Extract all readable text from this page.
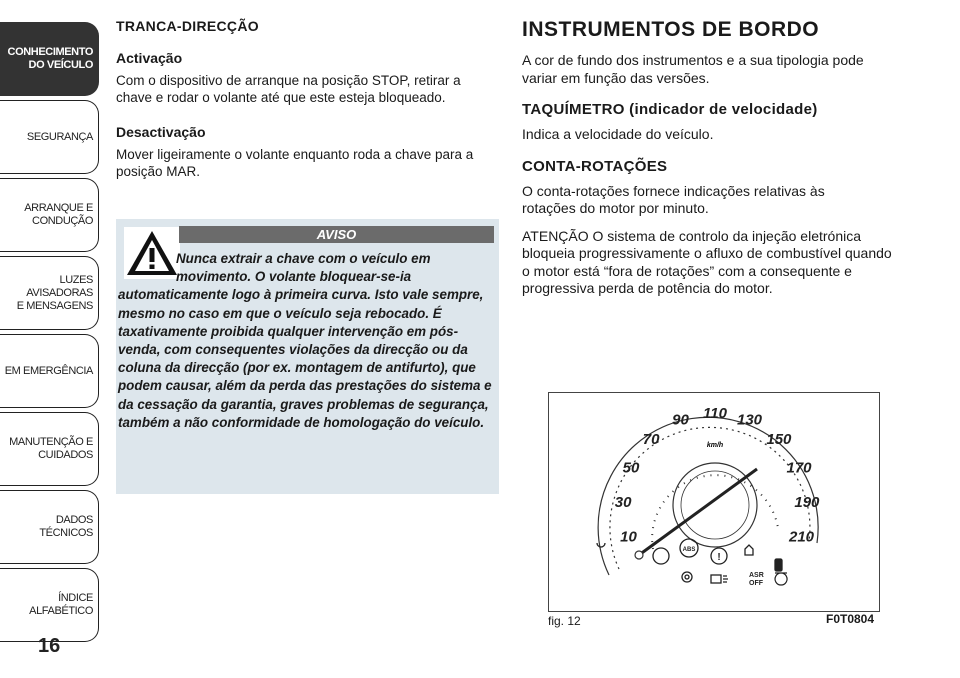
CONHECIMENTO
DO VEÍCULO
SEGURANÇA
ARRANQUE E
CONDUÇÃO
LUZES AVISADORAS
E MENSAGENS
EM EMERGÊNCIA
MANUTENÇÃO E
CUIDADOS
DADOS TÉCNICOS
ÍNDICE ALFABÉTICO
16
TRANCA-DIRECÇÃO
Activação

Com o dispositivo de arranque na posição STOP, retirar a chave e rodar o volante até que este esteja bloqueado.

Desactivação

Mover ligeiramente o volante enquanto roda a chave para a posição MAR.

AVISO
Nunca extrair a chave com o veículo em
movimento. O volante bloquear-se-ia
automaticamente logo à primeira curva. Isto vale sempre, mesmo no caso em que o veículo seja rebocado. É taxativamente proibida qualquer intervenção em pós-venda, com consequentes violações da direcção ou da coluna da direcção (por ex. montagem de antifurto), que podem causar, além da perda das prestações do sistema e da cessação da garantia, graves problemas de segurança, também a não conformidade de homologação do veículo.
INSTRUMENTOS DE BORDO

A cor de fundo dos instrumentos e a sua tipologia pode variar em função das versões.

TAQUÍMETRO (indicador de velocidade)

Indica a velocidade do veículo.

CONTA-ROTAÇÕES

O conta-rotações fornece indicações relativas às rotações do motor por minuto.

ATENÇÃO O sistema de controlo da injeção eletrónica bloqueia progressivamente o afluxo de combustível quando o motor está “fora de rotações” com a consequente e progressiva perda de potência do motor.

10
30
50
70
90 110 130
150
170
190
210
km/h
ABS
!
ASR OFF
fig. 12	F0T0804
